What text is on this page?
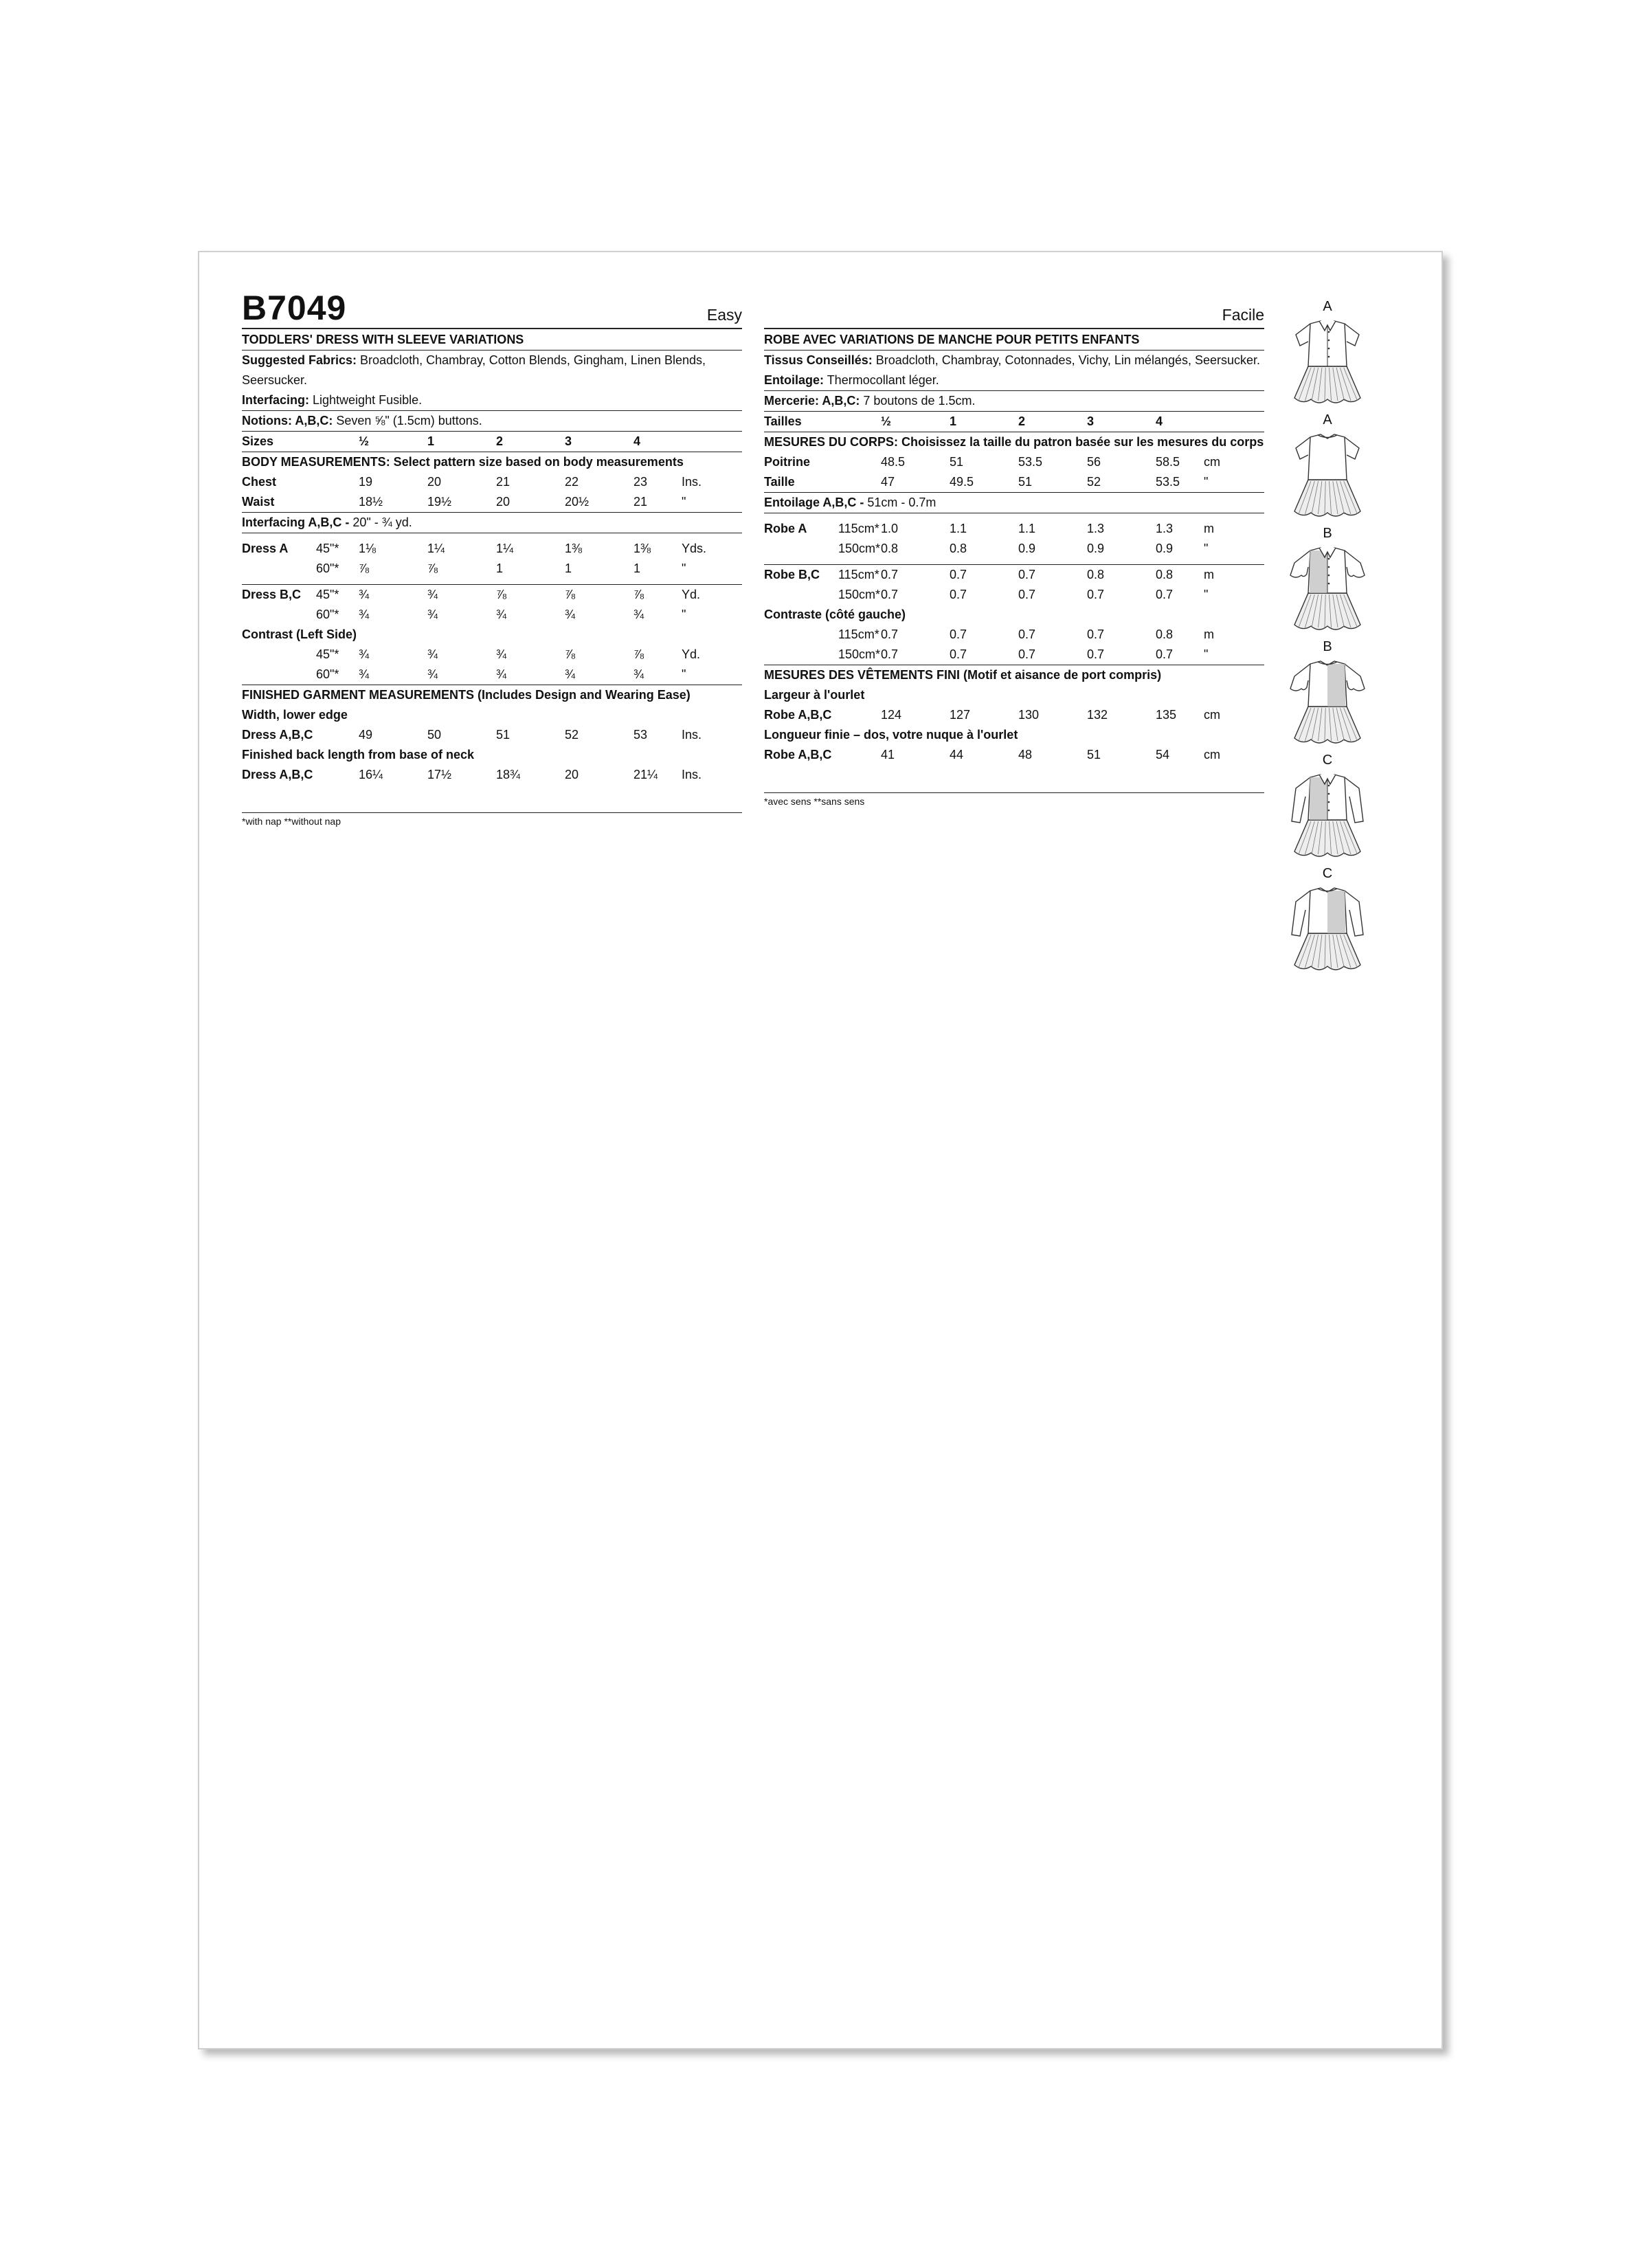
B7049	Easy
TODDLERS' DRESS WITH SLEEVE VARIATIONS
Suggested Fabrics: Broadcloth, Chambray, Cotton Blends, Gingham, Linen Blends, Seersucker.
Interfacing: Lightweight Fusible.
Notions: A,B,C: Seven ⅝" (1.5cm) buttons.
Sizes	½	1	2	3	4
BODY MEASUREMENTS: Select pattern size based on body measurements
Chest	19	20	21	22	23	Ins.
Waist	18½	19½	20	20½	21	"
Interfacing A,B,C - 20" - ¾ yd.
Dress A 45"* 1⅛	1¼	1¼	1⅜	1⅜ Yds.
60"* ⅞	⅞	1	1	1	"
Dress B,C 45"* ¾	¾	⅞	⅞	⅞	Yd.
60"* ¾	¾	¾	¾	¾	"
Contrast (Left Side)
45"* ¾	¾	¾	⅞	⅞	Yd.
60"* ¾	¾	¾	¾	¾	"
FINISHED GARMENT MEASUREMENTS (Includes Design and Wearing Ease)
Width, lower edge
Dress A,B,C	49	50	51	52	53	Ins.
Finished back length from base of neck
Dress A,B,C	16¼	17½	18¾	20	21¼ Ins.
*with nap **without nap
Facile
ROBE AVEC VARIATIONS DE MANCHE POUR PETITS ENFANTS
Tissus Conseillés: Broadcloth, Chambray, Cotonnades, Vichy, Lin mélangés, Seersucker. Entoilage: Thermocollant léger.
Mercerie: A,B,C: 7 boutons de 1.5cm.
Tailles	½	1	2	3	4
MESURES DU CORPS: Choisissez la taille du patron basée sur les mesures du corps
Poitrine	48.5	51	53.5	56	58.5 cm
Taille	47	49.5	51	52	53.5 "
Entoilage A,B,C - 51cm - 0.7m
Robe A	115cm* 1.0	1.1	1.1	1.3	1.3 m
150cm* 0.8	0.8	0.9	0.9	0.9 "
Robe B,C 115cm* 0.7	0.7	0.7	0.8	0.8 m
150cm* 0.7	0.7	0.7	0.7	0.7 "
Contraste (côté gauche)
115cm* 0.7	0.7	0.7	0.7	0.8 m
150cm* 0.7	0.7	0.7	0.7	0.7 "
MESURES DES VÊTEMENTS FINI (Motif et aisance de port compris)
Largeur à l'ourlet
Robe A,B,C	124	127	130	132	135 cm
Longueur finie – dos, votre nuque à l'ourlet
Robe A,B,C	41	44	48	51	54	cm
*avec sens **sans sens
A
A
B
B
C
C
